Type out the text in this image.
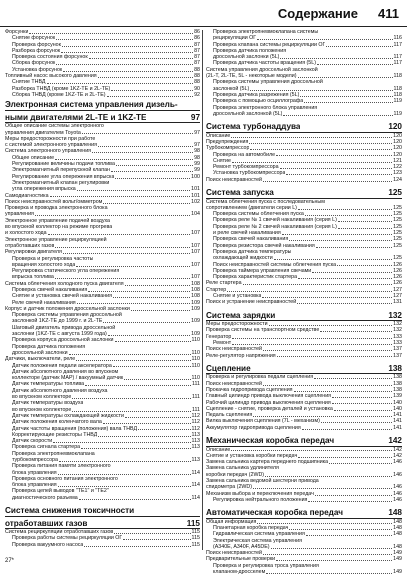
Содержание 411
Форсунки	86
Снятие форсунок	86
Проверка форсунок	87
Разборка форсунок	87
Проверка состояния форсунок	87
Сборка форсунок	87
Установка форсунок	88
Топливный насос высокого давления	88
Снятие ТНВД	88
Разборка ТНВД (кроме 1KZ-TE и 2L-TE)	90
Сборка ТНВД (кроме 1KZ-TE и 2L-TE)	92
Электронная система управления дизель-
ными двигателями 2L-TE и 1KZ-TE	97
Общее описание системы электронного
управления двигателем Toyota	97
Меры предосторожности при работе
с системой электронного управления	97
Система электронного управления	98
Общее описание	98
Регулирование величины подачи топлива	99
Электромагнитный перепускной клапан	99
Регулирование угла опережения впрыска	100
Электромагнитный клапан регулировки
угла опережения впрыска	101
Самодиагностика	101
Поиск неисправностей вольт/омметром	102
Проверка и проводка электронного блока
управления	104
Электронное управление подачей воздуха
во впускной коллектор на режиме прогрева
и холостого хода	107
Электронное управление рециркуляцией
отработавших газов	107
Регулировки двигателя	107
Проверка и регулировка частоты
вращения холостого хода	107
Регулировка статического угла опережения
впрыска топлива	107
Система облегчения холодного пуска двигателя	108
Проверка свечей накаливания	108
Снятие и установка свечей накаливания	108
Реле свечей накаливания	109
Корпус и датчик положения дроссельной заслонки	109
Проверка системы управления дроссельной
заслонкой 1KZ-TE до 1999 г. и 2L-TE	109
Шаговый двигатель привода дроссельной
заслонки (1KZ-TE с августа 1999 года)	109
Проверка корпуса дроссельной заслонки	110
Проверка датчика положения
дроссельной заслонки	110
Датчики, выключатели, реле	110
Датчик положения педали акселератора	110
Датчик абсолютного давления во впускном
коллекторе (датчик MAP) / вакуумный датчик	110
Датчик температуры топлива	111
Датчик абсолютного давления воздуха
во впускном коллекторе	111
Датчик температуры воздуха
во впускном коллекторе	111
Датчик температуры охлаждающей жидкости	112
Датчик положения коленчатого вала	112
Датчик частоты вращения (положения) вала ТНВД	112
Корректирующие резисторы ТНВД	113
Датчик скорости	113
Проверка сигнала стартера	113
Проверка электропневмоклапана
турбокомпрессора	113
Проверка питания памяти электронного
блока управления	114
Проверка основного питания электронного
блока управления	114
Проверка цепей выводов "TE1" и "TE2"
диагностического разъема	114
Система снижения токсичности
отработавших газов	115
Система рециркуляции отработавших газов	115
Проверка работы системы рециркуляции ОГ	115
Проверка вакуумного насоса	115
Проверка электропневмоклапана системы
рециркуляции ОГ	116
Проверка клапана системы рециркуляции ОГ	117
Проверка датчика положения
дроссельной заслонки (5L)	117
Проверка датчика частоты вращения (5L)	117
Система управления дроссельной заслонкой
(2L-T, 2L-TE, 5L - некоторые модели)	118
Проверка системы управления дроссельной
заслонкой (5L)	118
Проверка датчика разрежения (5L)	118
Проверка с помощью осциллографа	119
Проверка электронного блока управления
дроссельной заслонкой (5L)	119
Система турбонаддува	120
Описание	120
Предупреждения	120
Турбокомпрессор	120
Проверка на автомобиле	120
Снятие	121
Ремонт турбокомпрессора	122
Установка турбокомпрессора	123
Поиск неисправностей	124
Система запуска	125
Система облегчения пуска с последовательным
сопротивлением (двигатели серии L)	125
Проверка системы облегчения пуска	125
Проверка реле № 1 свечей накаливания (серия L)	125
Проверка реле № 2 свечей накаливания (серия L)	125
и реле свечей накаливания	125
Проверка свечей накаливания	125
Проверка резистора свечей накаливания	125
Проверка датчика температуры
охлаждающей жидкости	125
Поиск неисправностей системы облегчения пуска	126
Проверка таймера управления свечами	126
Проверка характеристик стартера	126
Реле стартера	126
Стартер	127
Снятие и установка	127
Поиск и устранение неисправностей	131
Система зарядки	132
Меры предосторожности	132
Проверка системы на транспортном средстве	132
Генератор	133
Ремонт	133
Поиск неисправностей	137
Реле-регулятор напряжения	137
Сцепление	138
Проверка и регулировка педали сцепления	138
Поиск неисправностей	138
Прокачка гидропривода сцепления	138
Главный цилиндр привода выключения сцепления	139
Рабочий цилиндр привода выключения сцепления	140
Сцепление - снятие, проверка деталей и установка	140
Педаль сцепления	141
Вилка выключения сцепления (7L - механизм)	141
Аккумулятор гидропривода сцепления	141
Механическая коробка передач	142
Описание	142
Снятие и установка коробки передач	142
Замена сальника картера переднего подшипника	146
Замена сальника удлинителя
коробки передач (2WD)	146
Замена сальника ведомой шестерни привода
спидометра (2WD)	146
Механизм выбора и переключения передач	146
Регулировка нейтрального положения	146
Автоматическая коробка передач	148
Общая информация	148
Планетарная коробка передач	148
Гидравлическая система управления	148
Электрическая система управления
(A340E, A340F, A45DE)	148
Поиск неисправностей	149
Предварительные проверки	149
Проверка и регулировка троса управления
клапаном-дросселем	149
27*
